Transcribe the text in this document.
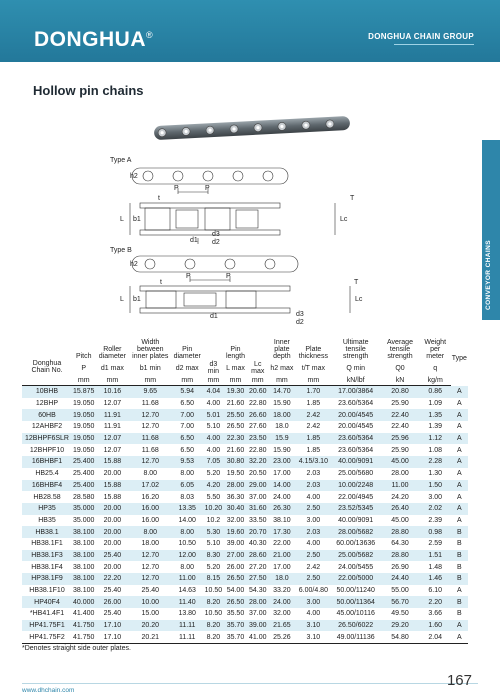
DONGHUA®	DONGHUA CHAIN GROUP
Hollow pin chains
CONVEYOR CHAINS
Type A
h2
P	P
t	T
L b1	Lc
d1
d3
d2
Type B
h2
P	P
t	T
L b1	Lc
d1	d3
d2
Donghua Chain No.	Pitch	Roller diameter	Width between inner plates	Pin diameter		Pin length		Inner plate depth	Plate thickness	Ultimate tensile strength	Average tensile strength	Weight per meter	Type
	P	d1 max	b1 min	d2 max	d3 min	L max	Lc max	h2 max	t/T max	Q min	Q0	q	
	mm	mm	mm	mm	mm	mm	mm	mm	mm	kN/lbf	kN	kg/m	
10BHB	15.875	10.16	9.65	5.94	4.04	19.30	20.60	14.70	1.70	17.00/3864	20.80	0.86	A
12BHP	19.050	12.07	11.68	6.50	4.00	21.60	22.80	15.90	1.85	23.60/5364	25.90	1.09	A
60HB	19.050	11.91	12.70	7.00	5.01	25.50	26.60	18.00	2.42	20.00/4545	22.40	1.35	A
12AHBF2	19.050	11.91	12.70	7.00	5.10	26.50	27.60	18.0	2.42	20.00/4545	22.40	1.39	A
12BHPF6SLR	19.050	12.07	11.68	6.50	4.00	22.30	23.50	15.9	1.85	23.60/5364	25.96	1.12	A
12BHPF10	19.050	12.07	11.68	6.50	4.00	21.60	22.80	15.90	1.85	23.60/5364	25.90	1.08	A
16BHBF1	25.400	15.88	12.70	9.53	7.05	30.80	32.20	23.00	4.15/3.10	40.00/9091	45.00	2.28	A
HB25.4	25.400	20.00	8.00	8.00	5.20	19.50	20.50	17.00	2.03	25.00/5680	28.00	1.30	A
16BHBF4	25.400	15.88	17.02	6.05	4.20	28.00	29.00	14.00	2.03	10.00/2248	11.00	1.50	A
HB28.58	28.580	15.88	16.20	8.03	5.50	36.30	37.00	24.00	4.00	22.00/4945	24.20	3.00	A
HP35	35.000	20.00	16.00	13.35	10.20	30.40	31.60	26.30	2.50	23.52/5345	26.40	2.02	A
HB35	35.000	20.00	16.00	14.00	10.2	32.00	33.50	38.10	3.00	40.00/9091	45.00	2.39	A
HB38.1	38.100	20.00	8.00	8.00	5.30	19.60	20.70	17.30	2.03	28.00/5682	28.80	0.98	B
HB38.1F1	38.100	20.00	18.00	10.50	5.10	39.00	40.30	22.00	4.00	60.00/13636	64.30	2.59	B
HB38.1F3	38.100	25.40	12.70	12.00	8.30	27.00	28.60	21.00	2.50	25.00/5682	28.80	1.51	B
HB38.1F4	38.100	20.00	12.70	8.00	5.20	26.00	27.20	17.00	2.42	24.00/5455	26.90	1.48	B
HP38.1F9	38.100	22.20	12.70	11.00	8.15	26.50	27.50	18.0	2.50	22.00/5000	24.40	1.46	B
HB38.1F10	38.100	25.40	25.40	14.63	10.50	54.00	54.30	33.20	6.00/4.80	50.00/11240	55.00	6.10	A
HP40F4	40.000	26.00	10.00	11.40	8.20	26.50	28.00	24.00	3.00	50.00/11364	56.70	2.20	B
*HB41.4F1	41.400	25.40	15.00	13.80	10.50	35.50	37.00	32.00	4.00	45.00/10116	49.50	3.66	B
HP41.75F1	41.750	17.10	20.20	11.11	8.20	35.70	39.00	21.65	3.10	26.50/6022	29.20	1.60	A
HP41.75F2	41.750	17.10	20.21	11.11	8.20	35.70	41.00	25.26	3.10	49.00/11136	54.80	2.04	A
*Denotes straight side outer plates.
www.dhchain.com
167
